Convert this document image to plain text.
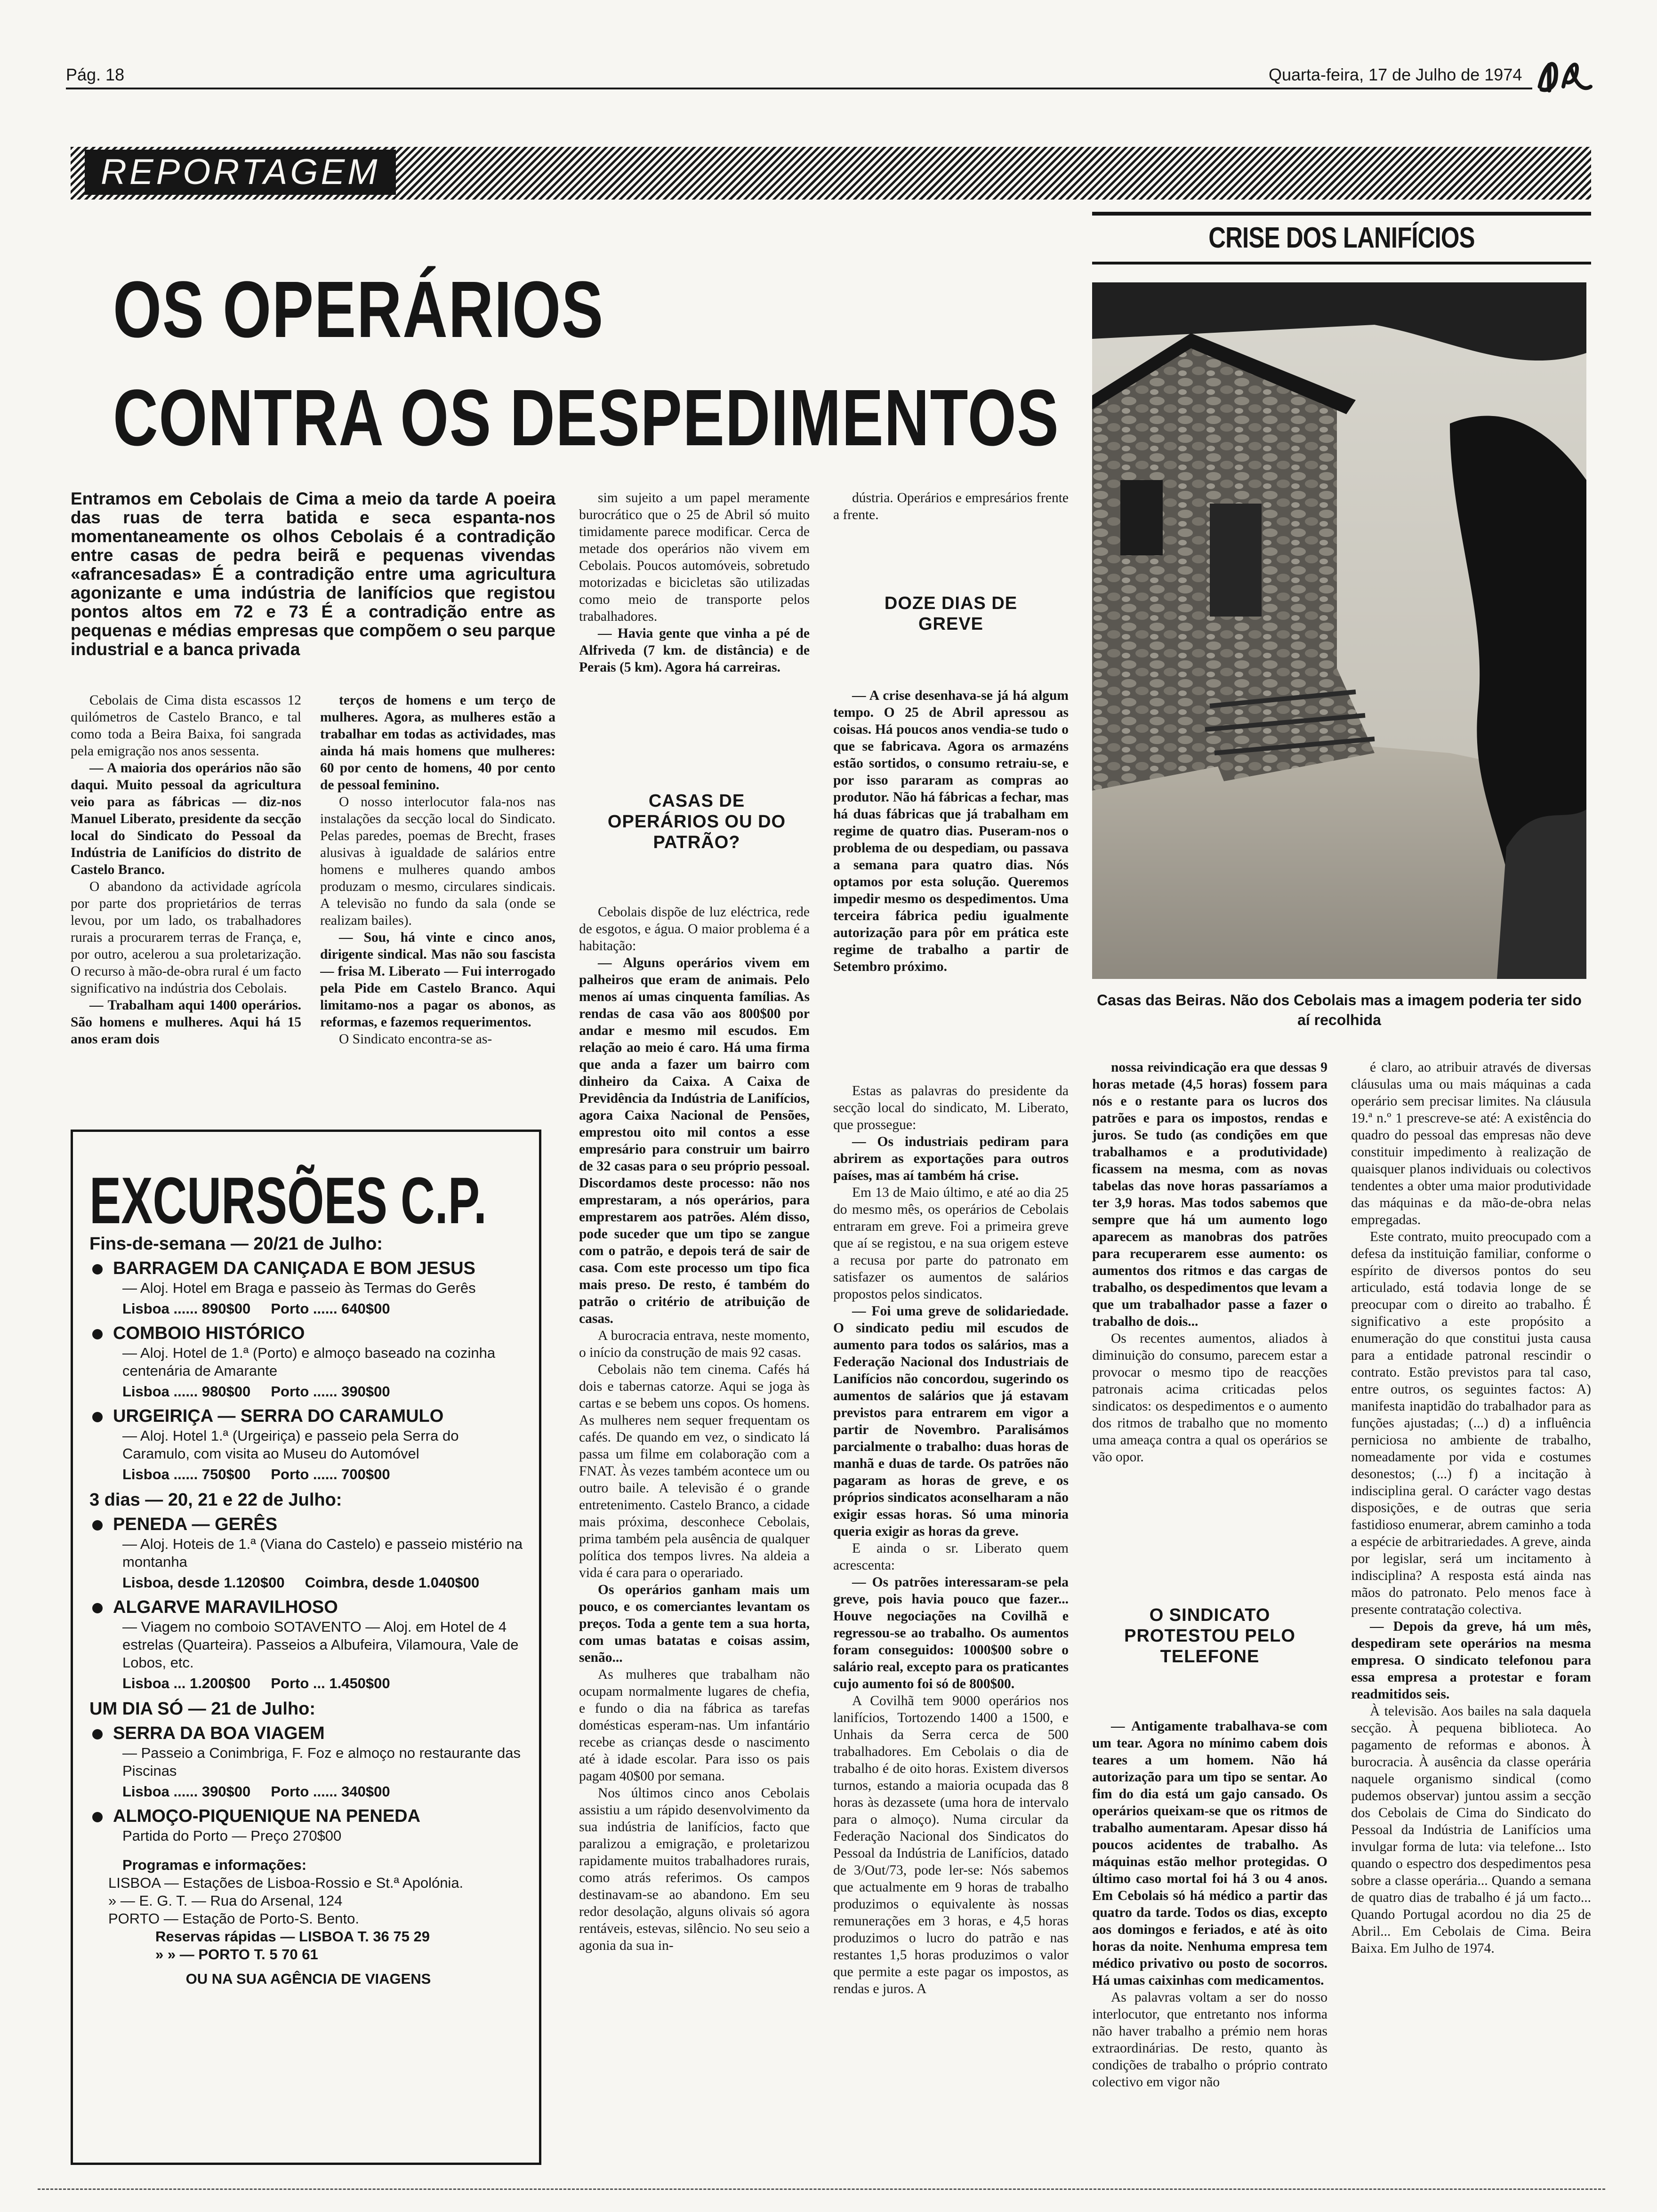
Pág. 18	Quarta-feira, 17 de Julho de 1974
REPORTAGEM
CRISE DOS LANIFÍCIOS
OS OPERÁRIOS
CONTRA OS DESPEDIMENTOS
Casas das Beiras. Não dos Cebolais mas a imagem poderia ter sido aí recolhida
Entramos em Cebolais de Cima a meio da tarde A poeira das ruas de terra batida e seca espanta-nos momentaneamente os olhos Cebolais é a contradição entre casas de pedra beirã e pequenas vivendas «afrancesadas» É a contradição entre uma agricultura agonizante e uma indústria de lanifícios que registou pontos altos em 72 e 73 É a contradição entre as pequenas e médias empresas que compõem o seu parque industrial e a banca privada

Cebolais de Cima dista escassos 12 quilómetros de Castelo Branco, e tal como toda a Beira Baixa, foi sangrada pela emigração nos anos sessenta.

— A maioria dos operários não são daqui. Muito pessoal da agricultura veio para as fábricas — diz-nos Manuel Liberato, presidente da secção local do Sindicato do Pessoal da Indústria de Lanifícios do distrito de Castelo Branco.

O abandono da actividade agrícola por parte dos proprietários de terras levou, por um lado, os trabalhadores rurais a procurarem terras de França, e, por outro, acelerou a sua proletarização. O recurso à mão-de-obra rural é um facto significativo na indústria dos Cebolais.

— Trabalham aqui 1400 operários. São homens e mulheres. Aqui há 15 anos eram dois

terços de homens e um terço de mulheres. Agora, as mulheres estão a trabalhar em todas as actividades, mas ainda há mais homens que mulheres: 60 por cento de homens, 40 por cento de pessoal feminino.

O nosso interlocutor fala-nos nas instalações da secção local do Sindicato. Pelas paredes, poemas de Brecht, frases alusivas à igualdade de salários entre homens e mulheres quando ambos produzam o mesmo, circulares sindicais. A televisão no fundo da sala (onde se realizam bailes).

— Sou, há vinte e cinco anos, dirigente sindical. Mas não sou fascista — frisa M. Liberato — Fui interrogado pela Pide em Castelo Branco. Aqui limitamo-nos a pagar os abonos, as reformas, e fazemos requerimentos.

O Sindicato encontra-se as-

sim sujeito a um papel meramente burocrático que o 25 de Abril só muito timidamente parece modificar. Cerca de metade dos operários não vivem em Cebolais. Poucos automóveis, sobretudo motorizadas e bicicletas são utilizadas como meio de transporte pelos trabalhadores.

— Havia gente que vinha a pé de Alfriveda (7 km. de distância) e de Perais (5 km). Agora há carreiras.

CASAS DE OPERÁRIOS OU DO PATRÃO?

Cebolais dispõe de luz eléctrica, rede de esgotos, e água. O maior problema é a habitação:

— Alguns operários vivem em palheiros que eram de animais. Pelo menos aí umas cinquenta famílias. As rendas de casa vão aos 800$00 por andar e mesmo mil escudos. Em relação ao meio é caro. Há uma firma que anda a fazer um bairro com dinheiro da Caixa. A Caixa de Previdência da Indústria de Lanifícios, agora Caixa Nacional de Pensões, emprestou oito mil contos a esse empresário para construir um bairro de 32 casas para o seu próprio pessoal. Discordamos deste processo: não nos emprestaram, a nós operários, para emprestarem aos patrões. Além disso, pode suceder que um tipo se zangue com o patrão, e depois terá de sair de casa. Com este processo um tipo fica mais preso. De resto, é também do patrão o critério de atribuição de casas.

A burocracia entrava, neste momento, o início da construção de mais 92 casas.

Cebolais não tem cinema. Cafés há dois e tabernas catorze. Aqui se joga às cartas e se bebem uns copos. Os homens. As mulheres nem sequer frequentam os cafés. De quando em vez, o sindicato lá passa um filme em colaboração com a FNAT. Às vezes também acontece um ou outro baile. A televisão é o grande entretenimento. Castelo Branco, a cidade mais próxima, desconhece Cebolais, prima também pela ausência de qualquer política dos tempos livres. Na aldeia a vida é cara para o operariado.

Os operários ganham mais um pouco, e os comerciantes levantam os preços. Toda a gente tem a sua horta, com umas batatas e coisas assim, senão...

As mulheres que trabalham não ocupam normalmente lugares de chefia, e fundo o dia na fábrica as tarefas domésticas esperam-nas. Um infantário recebe as crianças desde o nascimento até à idade escolar. Para isso os pais pagam 40$00 por semana.

Nos últimos cinco anos Cebolais assistiu a um rápido desenvolvimento da sua indústria de lanifícios, facto que paralizou a emigração, e proletarizou rapidamente muitos trabalhadores rurais, como atrás referimos. Os campos destinavam-se ao abandono. Em seu redor desolação, alguns olivais só agora rentáveis, estevas, silêncio. No seu seio a agonia da sua in-

dústria. Operários e empresários frente a frente.

DOZE DIAS DE GREVE

— A crise desenhava-se já há algum tempo. O 25 de Abril apressou as coisas. Há poucos anos vendia-se tudo o que se fabricava. Agora os armazéns estão sortidos, o consumo retraiu-se, e por isso pararam as compras ao produtor. Não há fábricas a fechar, mas há duas fábricas que já trabalham em regime de quatro dias. Puseram-nos o problema de ou despediam, ou passava a semana para quatro dias. Nós optamos por esta solução. Queremos impedir mesmo os despedimentos. Uma terceira fábrica pediu igualmente autorização para pôr em prática este regime de trabalho a partir de Setembro próximo.

Estas as palavras do presidente da secção local do sindicato, M. Liberato, que prossegue:

— Os industriais pediram para abrirem as exportações para outros países, mas aí também há crise.

Em 13 de Maio último, e até ao dia 25 do mesmo mês, os operários de Cebolais entraram em greve. Foi a primeira greve que aí se registou, e na sua origem esteve a recusa por parte do patronato em satisfazer os aumentos de salários propostos pelos sindicatos.

— Foi uma greve de solidariedade. O sindicato pediu mil escudos de aumento para todos os salários, mas a Federação Nacional dos Industriais de Lanifícios não concordou, sugerindo os aumentos de salários que já estavam previstos para entrarem em vigor a partir de Novembro. Paralisámos parcialmente o trabalho: duas horas de manhã e duas de tarde. Os patrões não pagaram as horas de greve, e os próprios sindicatos aconselharam a não exigir essas horas. Só uma minoria queria exigir as horas da greve.

E ainda o sr. Liberato quem acrescenta:

— Os patrões interessaram-se pela greve, pois havia pouco que fazer... Houve negociações na Covilhã e regressou-se ao trabalho. Os aumentos foram conseguidos: 1000$00 sobre o salário real, excepto para os praticantes cujo aumento foi só de 800$00.

A Covilhã tem 9000 operários nos lanifícios, Tortozendo 1400 a 1500, e Unhais da Serra cerca de 500 trabalhadores. Em Cebolais o dia de trabalho é de oito horas. Existem diversos turnos, estando a maioria ocupada das 8 horas às dezassete (uma hora de intervalo para o almoço). Numa circular da Federação Nacional dos Sindicatos do Pessoal da Indústria de Lanifícios, datado de 3/Out/73, pode ler-se: Nós sabemos que actualmente em 9 horas de trabalho produzimos o equivalente às nossas remunerações em 3 horas, e 4,5 horas produzimos o lucro do patrão e nas restantes 1,5 horas produzimos o valor que permite a este pagar os impostos, as rendas e juros. A

nossa reivindicação era que dessas 9 horas metade (4,5 horas) fossem para nós e o restante para os lucros dos patrões e para os impostos, rendas e juros. Se tudo (as condições em que trabalhamos e a produtividade) ficassem na mesma, com as novas tabelas das nove horas passaríamos a ter 3,9 horas. Mas todos sabemos que sempre que há um aumento logo aparecem as manobras dos patrões para recuperarem esse aumento: os aumentos dos ritmos e das cargas de trabalho, os despedimentos que levam a que um trabalhador passe a fazer o trabalho de dois...

Os recentes aumentos, aliados à diminuição do consumo, parecem estar a provocar o mesmo tipo de reacções patronais acima criticadas pelos sindicatos: os despedimentos e o aumento dos ritmos de trabalho que no momento uma ameaça contra a qual os operários se vão opor.

O SINDICATO PROTESTOU PELO TELEFONE

— Antigamente trabalhava-se com um tear. Agora no mínimo cabem dois teares a um homem. Não há autorização para um tipo se sentar. Ao fim do dia está um gajo cansado. Os operários queixam-se que os ritmos de trabalho aumentaram. Apesar disso há poucos acidentes de trabalho. As máquinas estão melhor protegidas. O último caso mortal foi há 3 ou 4 anos. Em Cebolais só há médico a partir das quatro da tarde. Todos os dias, excepto aos domingos e feriados, e até às oito horas da noite. Nenhuma empresa tem médico privativo ou posto de socorros. Há umas caixinhas com medicamentos.

As palavras voltam a ser do nosso interlocutor, que entretanto nos informa não haver trabalho a prémio nem horas extraordinárias. De resto, quanto às condições de trabalho o próprio contrato colectivo em vigor não

é claro, ao atribuir através de diversas cláusulas uma ou mais máquinas a cada operário sem precisar limites. Na cláusula 19.ª n.º 1 prescreve-se até: A existência do quadro do pessoal das empresas não deve constituir impedimento à realização de quaisquer planos individuais ou colectivos tendentes a obter uma maior produtividade das máquinas e da mão-de-obra nelas empregadas.

Este contrato, muito preocupado com a defesa da instituição familiar, conforme o espírito de diversos pontos do seu articulado, está todavia longe de se preocupar com o direito ao trabalho. É significativo a este propósito a enumeração do que constitui justa causa para a entidade patronal rescindir o contrato. Estão previstos para tal caso, entre outros, os seguintes factos: A) manifesta inaptidão do trabalhador para as funções ajustadas; (...) d) a influência perniciosa no ambiente de trabalho, nomeadamente por vida e costumes desonestos; (...) f) a incitação à indisciplina geral. O carácter vago destas disposições, e de outras que seria fastidioso enumerar, abrem caminho a toda a espécie de arbitrariedades. A greve, ainda por legislar, será um incitamento à indisciplina? A resposta está ainda nas mãos do patronato. Pelo menos face à presente contratação colectiva.

— Depois da greve, há um mês, despediram sete operários na mesma empresa. O sindicato telefonou para essa empresa a protestar e foram readmitidos seis.

À televisão. Aos bailes na sala daquela secção. À pequena biblioteca. Ao pagamento de reformas e abonos. À burocracia. À ausência da classe operária naquele organismo sindical (como pudemos observar) juntou assim a secção dos Cebolais de Cima do Sindicato do Pessoal da Indústria de Lanifícios uma invulgar forma de luta: via telefone... Isto quando o espectro dos despedimentos pesa sobre a classe operária... Quando a semana de quatro dias de trabalho é já um facto... Quando Portugal acordou no dia 25 de Abril... Em Cebolais de Cima. Beira Baixa. Em Julho de 1974.

EXCURSÕES C.P.
Fins-de-semana — 20/21 de Julho:
BARRAGEM DA CANIÇADA E BOM JESUS
— Aloj. Hotel em Braga e passeio às Termas do Gerês
Lisboa ...... 890$00 Porto ...... 640$00
COMBOIO HISTÓRICO
— Aloj. Hotel de 1.ª (Porto) e almoço baseado na cozinha centenária de Amarante
Lisboa ...... 980$00 Porto ...... 390$00
URGEIRIÇA — SERRA DO CARAMULO
— Aloj. Hotel 1.ª (Urgeiriça) e passeio pela Serra do Caramulo, com visita ao Museu do Automóvel
Lisboa ...... 750$00 Porto ...... 700$00
3 dias — 20, 21 e 22 de Julho:
PENEDA — GERÊS
— Aloj. Hoteis de 1.ª (Viana do Castelo) e passeio mistério na montanha
Lisboa, desde 1.120$00 Coimbra, desde 1.040$00
ALGARVE MARAVILHOSO
— Viagem no comboio SOTAVENTO — Aloj. em Hotel de 4 estrelas (Quarteira). Passeios a Albufeira, Vilamoura, Vale de Lobos, etc.
Lisboa ... 1.200$00 Porto ... 1.450$00
UM DIA SÓ — 21 de Julho:
SERRA DA BOA VIAGEM
— Passeio a Conimbriga, F. Foz e almoço no restaurante das Piscinas
Lisboa ...... 390$00 Porto ...... 340$00
ALMOÇO-PIQUENIQUE NA PENEDA
Partida do Porto — Preço 270$00
Programas e informações:
LISBOA — Estações de Lisboa-Rossio e St.ª Apolónia.
» — E. G. T. — Rua do Arsenal, 124
PORTO — Estação de Porto-S. Bento.
Reservas rápidas — LISBOA T. 36 75 29
» » — PORTO T. 5 70 61
OU NA SUA AGÊNCIA DE VIAGENS
